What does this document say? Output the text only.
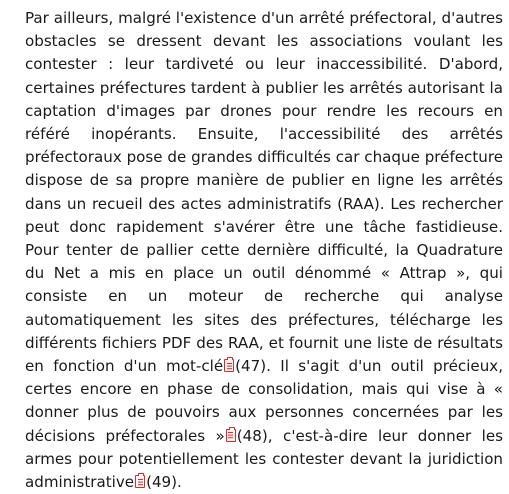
Par ailleurs, malgré l'existence d'un arrêté préfectoral, d'autres obstacles se dressent devant les associations voulant les contester : leur tardiveté ou leur inaccessibilité. D'abord, certaines préfectures tardent à publier les arrêtés autorisant la captation d'images par drones pour rendre les recours en référé inopérants. Ensuite, l'accessibilité des arrêtés préfectoraux pose de grandes difficultés car chaque préfecture dispose de sa propre manière de publier en ligne les arrêtés dans un recueil des actes administratifs (RAA). Les rechercher peut donc rapidement s'avérer être une tâche fastidieuse. Pour tenter de pallier cette dernière difficulté, la Quadrature du Net a mis en place un outil dénommé « Attrap », qui consiste en un moteur de recherche qui analyse automatiquement les sites des préfectures, télécharge les différents fichiers PDF des RAA, et fournit une liste de résultats en fonction d'un mot-clé (47). Il s'agit d'un outil précieux, certes encore en phase de consolidation, mais qui vise à « donner plus de pouvoirs aux personnes concernées par les décisions préfectorales » (48), c'est-à-dire leur donner les armes pour potentiellement les contester devant la juridiction administrative (49).
